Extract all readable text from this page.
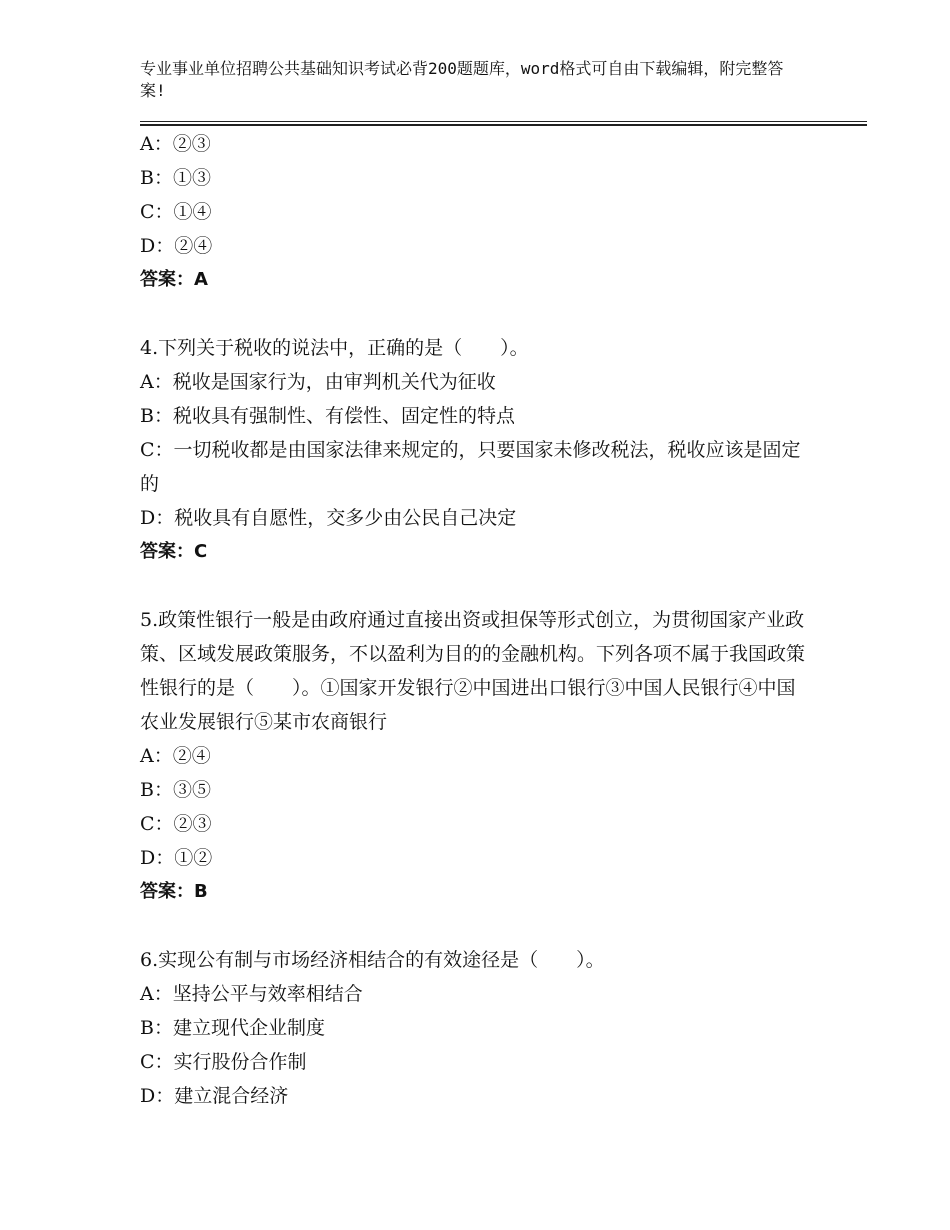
专业事业单位招聘公共基础知识考试必背200题题库，word格式可自由下载编辑，附完整答案!
A：②③
B：①③
C：①④
D：②④
答案：A
4.下列关于税收的说法中，正确的是（　　）。
A：税收是国家行为，由审判机关代为征收
B：税收具有强制性、有偿性、固定性的特点
C：一切税收都是由国家法律来规定的，只要国家未修改税法，税收应该是固定的
D：税收具有自愿性，交多少由公民自己决定
答案：C
5.政策性银行一般是由政府通过直接出资或担保等形式创立，为贯彻国家产业政策、区域发展政策服务，不以盈利为目的的金融机构。下列各项不属于我国政策性银行的是（　　）。①国家开发银行②中国进出口银行③中国人民银行④中国农业发展银行⑤某市农商银行
A：②④
B：③⑤
C：②③
D：①②
答案：B
6.实现公有制与市场经济相结合的有效途径是（　　）。
A：坚持公平与效率相结合
B：建立现代企业制度
C：实行股份合作制
D：建立混合经济
